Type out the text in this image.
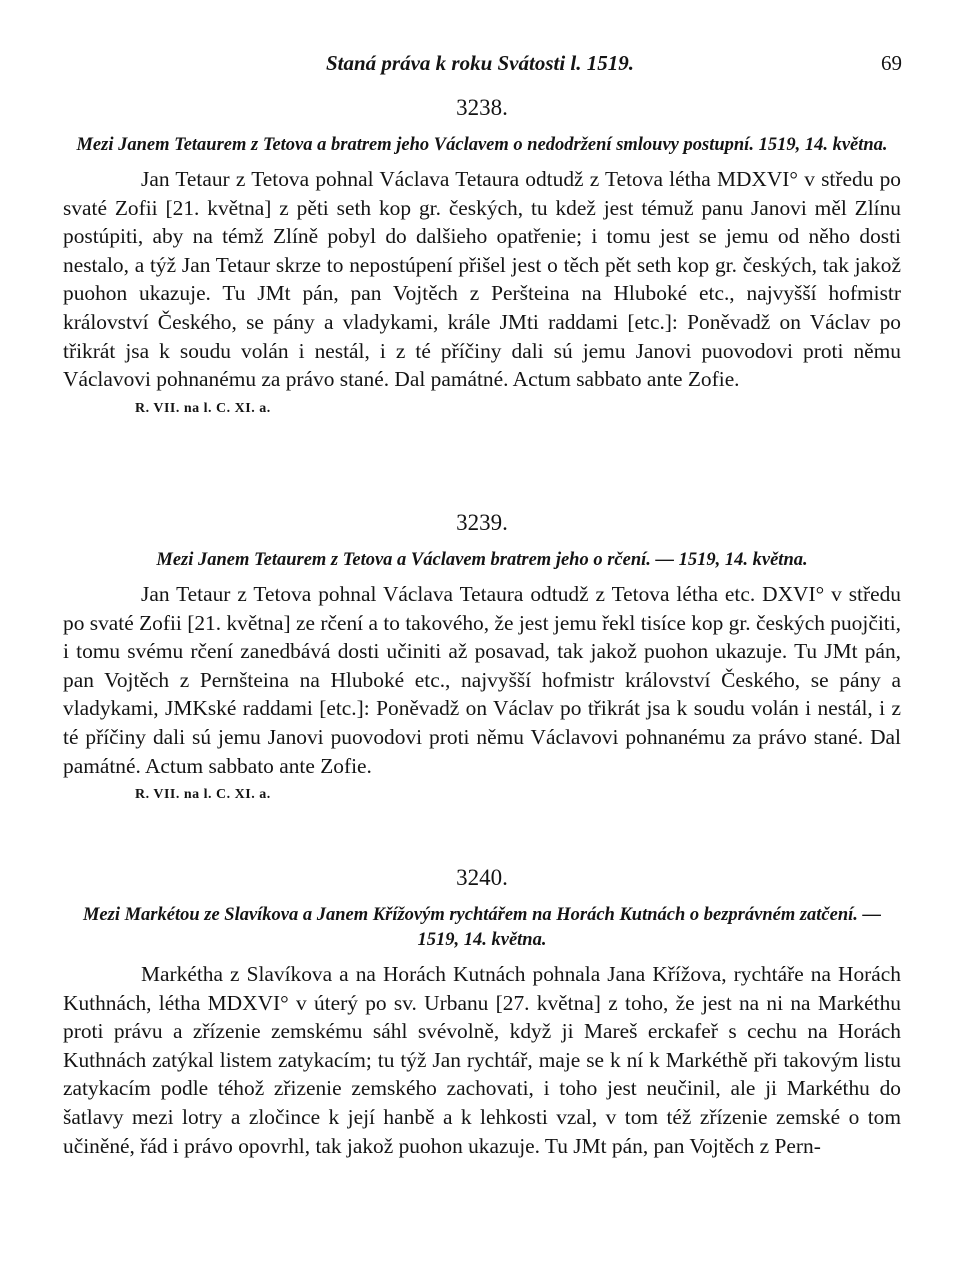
Staná práva k roku Svátosti l. 1519.	69

3238.

Mezi Janem Tetaurem z Tetova a bratrem jeho Václavem o nedodržení smlouvy postupní. 1519, 14. května.

Jan Tetaur z Tetova pohnal Václava Tetaura odtudž z Tetova létha MDXVI° v středu po svaté Zofii [21. května] z pěti seth kop gr. českých, tu kdež jest témuž panu Janovi měl Zlínu postúpiti, aby na témž Zlíně pobyl do dalšieho opatřenie; i tomu jest se jemu od něho dosti nestalo, a týž Jan Tetaur skrze to nepostúpení přišel jest o těch pět seth kop gr. českých, tak jakož puohon ukazuje. Tu JMt pán, pan Vojtěch z Peršteina na Hluboké etc., najvyšší hofmistr království Českého, se pány a vladykami, krále JMti raddami [etc.]: Poněvadž on Václav po třikrát jsa k soudu volán i nestál, i z té příčiny dali sú jemu Janovi puovodovi proti němu Václavovi pohnanému za právo stané. Dal památné. Actum sabbato ante Zofie.

R. VII. na l. C. XI. a.

3239.

Mezi Janem Tetaurem z Tetova a Václavem bratrem jeho o rčení. — 1519, 14. května.

Jan Tetaur z Tetova pohnal Václava Tetaura odtudž z Tetova létha etc. DXVI° v středu po svaté Zofii [21. května] ze rčení a to takového, že jest jemu řekl tisíce kop gr. českých puojčiti, i tomu svému rčení zanedbává dosti učiniti až posavad, tak jakož puohon ukazuje. Tu JMt pán, pan Vojtěch z Pernšteina na Hluboké etc., najvyšší hofmistr království Českého, se pány a vladykami, JMKské raddami [etc.]: Poněvadž on Václav po třikrát jsa k soudu volán i nestál, i z té příčiny dali sú jemu Janovi puovodovi proti němu Václavovi pohnanému za právo stané. Dal památné. Actum sabbato ante Zofie.

R. VII. na l. C. XI. a.

3240.

Mezi Markétou ze Slavíkova a Janem Křížovým rychtářem na Horách Kutnách o bezprávném zatčení. — 1519, 14. května.

Markétha z Slavíkova a na Horách Kutnách pohnala Jana Křížova, rychtáře na Horách Kuthnách, létha MDXVI° v úterý po sv. Urbanu [27. května] z toho, že jest na ni na Markéthu proti právu a zřízenie zemskému sáhl svévolně, když ji Mareš erckafeř s cechu na Horách Kuthnách zatýkal listem zatykacím; tu týž Jan rychtář, maje se k ní k Markéthě při takovým listu zatykacím podle téhož zřizenie zemského zachovati, i toho jest neučinil, ale ji Markéthu do šatlavy mezi lotry a zločince k její hanbě a k lehkosti vzal, v tom též zřízenie zemské o tom učiněné, řád i právo opovrhl, tak jakož puohon ukazuje. Tu JMt pán, pan Vojtěch z Pern-
